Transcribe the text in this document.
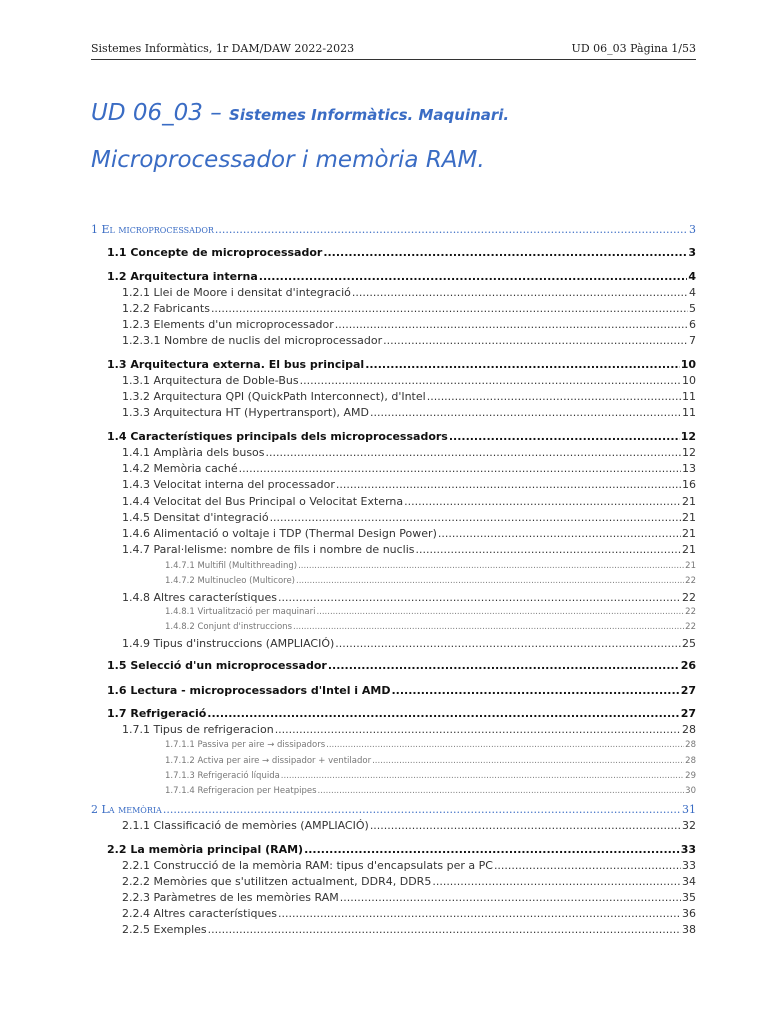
Sistemes Informàtics, 1r DAM/DAW 2022-2023	UD 06_03 Pàgina 1/53
UD 06_03 – Sistemes Informàtics. Maquinari.
Microprocessador i memòria RAM.
1 El microprocessador .....	3
1.1 Concepte de microprocessador .....	3
1.2 Arquitectura interna .....	4
1.2.1 Llei de Moore i densitat d'integració .....	4
1.2.2 Fabricants .....	5
1.2.3 Elements d'un microprocessador .....	6
1.2.3.1 Nombre de nuclis del microprocessador .....	7
1.3 Arquitectura externa. El bus principal .....	10
1.3.1 Arquitectura de Doble-Bus .....	10
1.3.2 Arquitectura QPI (QuickPath Interconnect), d'Intel .....	11
1.3.3 Arquitectura HT (Hypertransport), AMD .....	11
1.4 Característiques principals dels microprocessadors .....	12
1.4.1 Amplària dels busos .....	12
1.4.2 Memòria caché .....	13
1.4.3 Velocitat interna del processador .....	16
1.4.4 Velocitat del Bus Principal o Velocitat Externa .....	21
1.4.5 Densitat d'integració .....	21
1.4.6 Alimentació o voltaje i TDP (Thermal Design Power) .....	21
1.4.7 Paral·lelisme: nombre de fils i nombre de nuclis .....	21
1.4.7.1 Multifil (Multithreading) .....	21
1.4.7.2 Multinucleo (Multicore) .....	22
1.4.8 Altres característiques .....	22
1.4.8.1 Virtualització per maquinari .....	22
1.4.8.2 Conjunt d'instruccions .....	22
1.4.9 Tipus d'instruccions (AMPLIACIÓ) .....	25
1.5 Selecció d'un microprocessador .....	26
1.6 Lectura - microprocessadors d'Intel i AMD .....	27
1.7 Refrigeració .....	27
1.7.1 Tipus de refrigeracion .....	28
1.7.1.1 Passiva per aire → dissipadors .....	28
1.7.1.2 Activa per aire → dissipador + ventilador .....	28
1.7.1.3 Refrigeració líquida .....	29
1.7.1.4 Refrigeracion per Heatpipes .....	30
2 La memòria .....	31
2.1.1 Classificació de memòries (AMPLIACIÓ) .....	32
2.2 La memòria principal (RAM) .....	33
2.2.1 Construcció de la memòria RAM: tipus d'encapsulats per a PC .....	33
2.2.2 Memòries que s'utilitzen actualment, DDR4, DDR5 .....	34
2.2.3 Paràmetres de les memòries RAM .....	35
2.2.4 Altres característiques .....	36
2.2.5 Exemples .....	38
